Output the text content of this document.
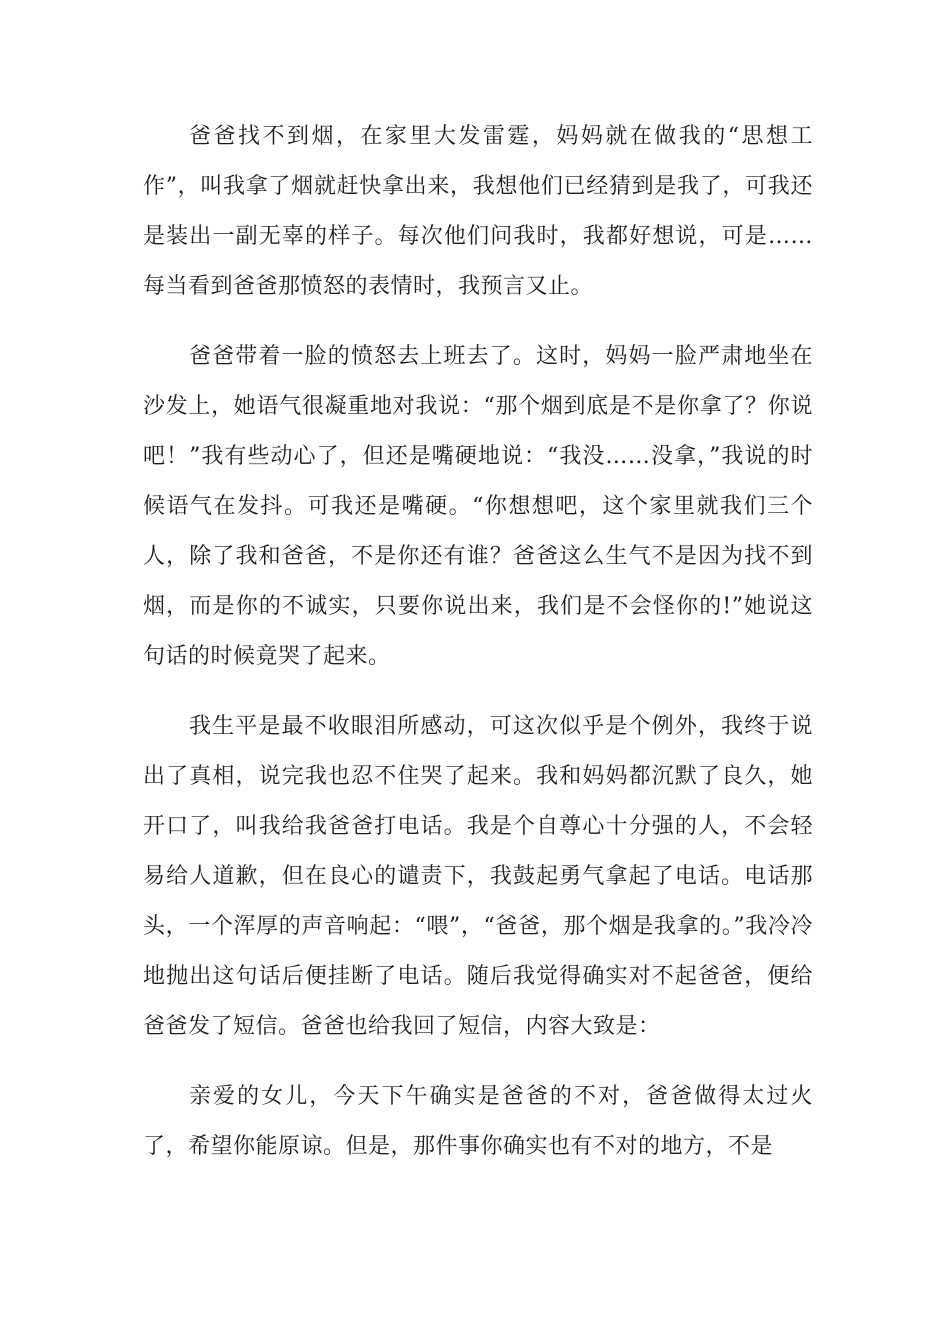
爸爸找不到烟，在家里大发雷霆，妈妈就在做我的“思想工作”，叫我拿了烟就赶快拿出来，我想他们已经猜到是我了，可我还是装出一副无辜的样子。每次他们问我时，我都好想说，可是……每当看到爸爸那愤怒的表情时，我预言又止。

爸爸带着一脸的愤怒去上班去了。这时，妈妈一脸严肃地坐在沙发上，她语气很凝重地对我说：“那个烟到底是不是你拿了？你说吧！”我有些动心了，但还是嘴硬地说：“我没……没拿，”我说的时候语气在发抖。可我还是嘴硬。“你想想吧，这个家里就我们三个人，除了我和爸爸，不是你还有谁？爸爸这么生气不是因为找不到烟，而是你的不诚实，只要你说出来，我们是不会怪你的!”她说这句话的时候竟哭了起来。

我生平是最不收眼泪所感动，可这次似乎是个例外，我终于说出了真相，说完我也忍不住哭了起来。我和妈妈都沉默了良久，她开口了，叫我给我爸爸打电话。我是个自尊心十分强的人，不会轻易给人道歉，但在良心的谴责下，我鼓起勇气拿起了电话。电话那头，一个浑厚的声音响起：“喂”，“爸爸，那个烟是我拿的。”我冷冷地抛出这句话后便挂断了电话。随后我觉得确实对不起爸爸，便给爸爸发了短信。爸爸也给我回了短信，内容大致是：

亲爱的女儿，今天下午确实是爸爸的不对，爸爸做得太过火了，希望你能原谅。但是，那件事你确实也有不对的地方，不是
